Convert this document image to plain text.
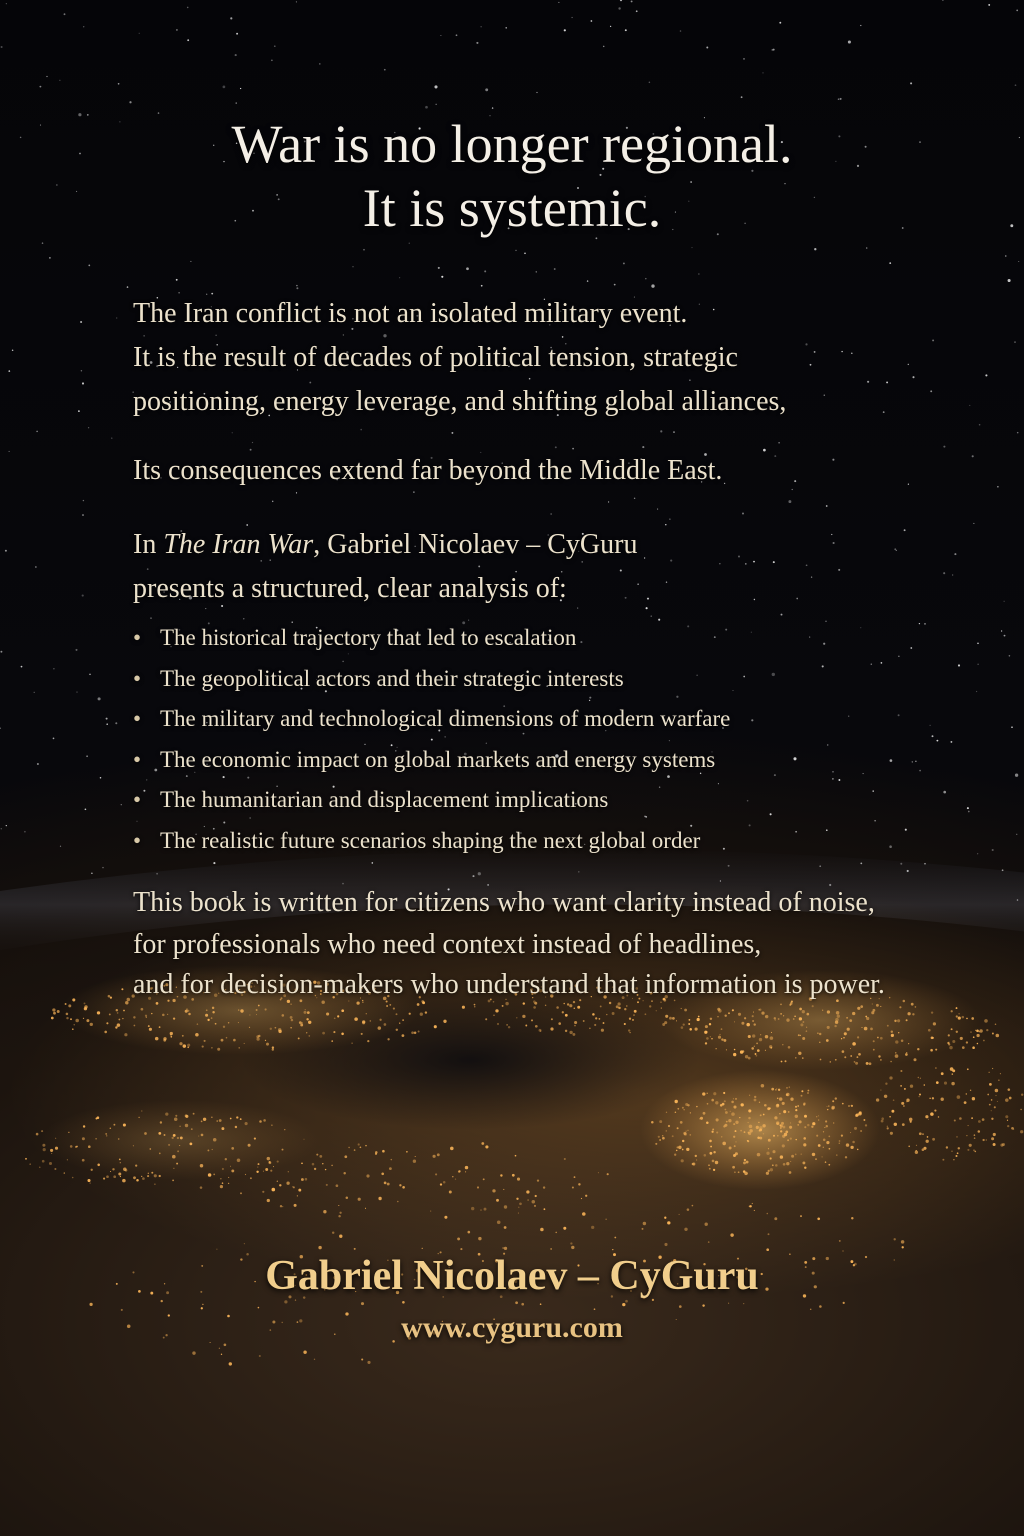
War is no longer regional.
It is systemic.

The Iran conflict is not an isolated military event.

It is the result of decades of political tension, strategic

positioning, energy leverage, and shifting global alliances,

Its consequences extend far beyond the Middle East.

In The Iran War, Gabriel Nicolaev – CyGuru

presents a structured, clear analysis of:

• The historical trajectory that led to escalation
• The geopolitical actors and their strategic interests
• The military and technological dimensions of modern warfare
• The economic impact on global markets and energy systems
• The humanitarian and displacement implications
• The realistic future scenarios shaping the next global order

This book is written for citizens who want clarity instead of noise,

for professionals who need context instead of headlines,

and for decision-makers who understand that information is power.

Gabriel Nicolaev – CyGuru

www.cyguru.com
